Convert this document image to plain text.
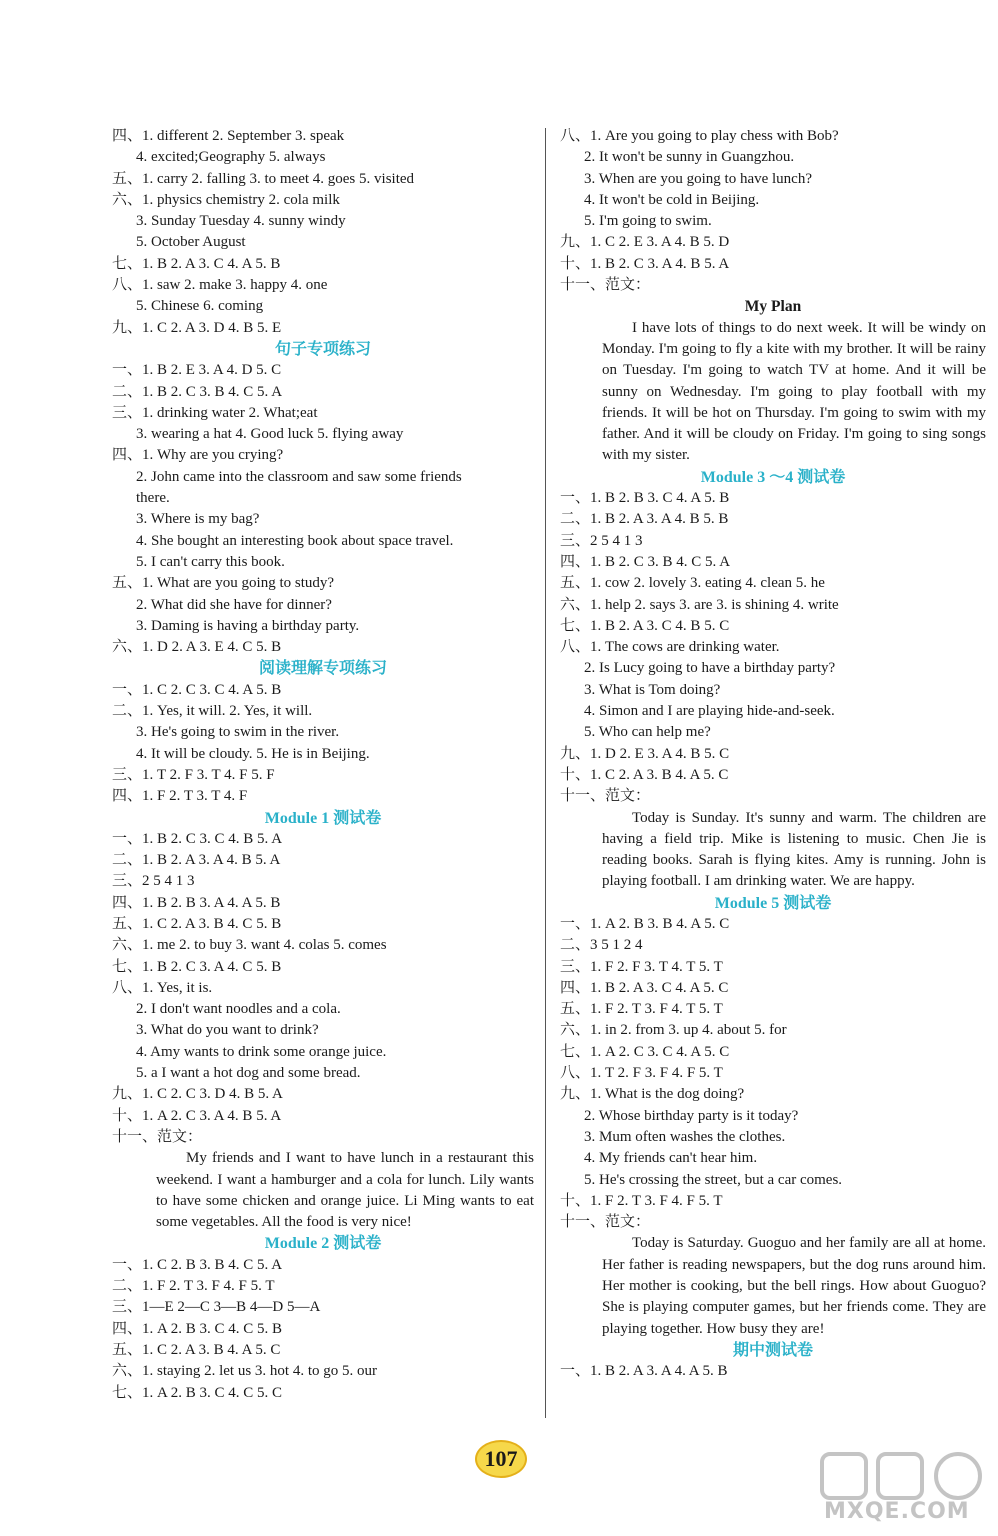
四、1. different 2. September 3. speak
4. excited;Geography 5. always
五、1. carry 2. falling 3. to meet 4. goes 5. visited
六、1. physics chemistry 2. cola milk
3. Sunday Tuesday 4. sunny windy
5. October August
七、1. B 2. A 3. C 4. A 5. B
八、1. saw 2. make 3. happy 4. one
5. Chinese 6. coming
九、1. C 2. A 3. D 4. B 5. E
句子专项练习
一、1. B 2. E 3. A 4. D 5. C
二、1. B 2. C 3. B 4. C 5. A
三、1. drinking water 2. What;eat
3. wearing a hat 4. Good luck 5. flying away
四、1. Why are you crying?
2. John came into the classroom and saw some friends
there.
3. Where is my bag?
4. She bought an interesting book about space travel.
5. I can't carry this book.
五、1. What are you going to study?
2. What did she have for dinner?
3. Daming is having a birthday party.
六、1. D 2. A 3. E 4. C 5. B
阅读理解专项练习
一、1. C 2. C 3. C 4. A 5. B
二、1. Yes, it will. 2. Yes, it will.
3. He's going to swim in the river.
4. It will be cloudy. 5. He is in Beijing.
三、1. T 2. F 3. T 4. F 5. F
四、1. F 2. T 3. T 4. F
Module 1 测试卷
一、1. B 2. C 3. C 4. B 5. A
二、1. B 2. A 3. A 4. B 5. A
三、2 5 4 1 3
四、1. B 2. B 3. A 4. A 5. B
五、1. C 2. A 3. B 4. C 5. B
六、1. me 2. to buy 3. want 4. colas 5. comes
七、1. B 2. C 3. A 4. C 5. B
八、1. Yes, it is.
2. I don't want noodles and a cola.
3. What do you want to drink?
4. Amy wants to drink some orange juice.
5. a I want a hot dog and some bread.
九、1. C 2. C 3. D 4. B 5. A
十、1. A 2. C 3. A 4. B 5. A
十一、范文：
My friends and I want to have lunch in a restaurant this weekend. I want a hamburger and a cola for lunch. Lily wants to have some chicken and orange juice. Li Ming wants to eat some vegetables. All the food is very nice!
Module 2 测试卷
一、1. C 2. B 3. B 4. C 5. A
二、1. F 2. T 3. F 4. F 5. T
三、1—E 2—C 3—B 4—D 5—A
四、1. A 2. B 3. C 4. C 5. B
五、1. C 2. A 3. B 4. A 5. C
六、1. staying 2. let us 3. hot 4. to go 5. our
七、1. A 2. B 3. C 4. C 5. C
八、1. Are you going to play chess with Bob?
2. It won't be sunny in Guangzhou.
3. When are you going to have lunch?
4. It won't be cold in Beijing.
5. I'm going to swim.
九、1. C 2. E 3. A 4. B 5. D
十、1. B 2. C 3. A 4. B 5. A
十一、范文：
My Plan
I have lots of things to do next week. It will be windy on Monday. I'm going to fly a kite with my brother. It will be rainy on Tuesday. I'm going to watch TV at home. And it will be sunny on Wednesday. I'm going to play football with my friends. It will be hot on Thursday. I'm going to swim with my father. And it will be cloudy on Friday. I'm going to sing songs with my sister.
Module 3 ～4 测试卷
一、1. B 2. B 3. C 4. A 5. B
二、1. B 2. A 3. A 4. B 5. B
三、2 5 4 1 3
四、1. B 2. C 3. B 4. C 5. A
五、1. cow 2. lovely 3. eating 4. clean 5. he
六、1. help 2. says 3. are 3. is shining 4. write
七、1. B 2. A 3. C 4. B 5. C
八、1. The cows are drinking water.
2. Is Lucy going to have a birthday party?
3. What is Tom doing?
4. Simon and I are playing hide-and-seek.
5. Who can help me?
九、1. D 2. E 3. A 4. B 5. C
十、1. C 2. A 3. B 4. A 5. C
十一、范文：
Today is Sunday. It's sunny and warm. The children are having a field trip. Mike is listening to music. Chen Jie is reading books. Sarah is flying kites. Amy is running. John is playing football. I am drinking water. We are happy.
Module 5 测试卷
一、1. A 2. B 3. B 4. A 5. C
二、3 5 1 2 4
三、1. F 2. F 3. T 4. T 5. T
四、1. B 2. A 3. C 4. A 5. C
五、1. F 2. T 3. F 4. T 5. T
六、1. in 2. from 3. up 4. about 5. for
七、1. A 2. C 3. C 4. A 5. C
八、1. T 2. F 3. F 4. F 5. T
九、1. What is the dog doing?
2. Whose birthday party is it today?
3. Mum often washes the clothes.
4. My friends can't hear him.
5. He's crossing the street, but a car comes.
十、1. F 2. T 3. F 4. F 5. T
十一、范文：
Today is Saturday. Guoguo and her family are all at home. Her father is reading newspapers, but the dog runs around him. Her mother is cooking, but the bell rings. How about Guoguo? She is playing computer games, but her friends come. They are playing together. How busy they are!
期中测试卷
一、1. B 2. A 3. A 4. A 5. B
107
MXQE.COM
